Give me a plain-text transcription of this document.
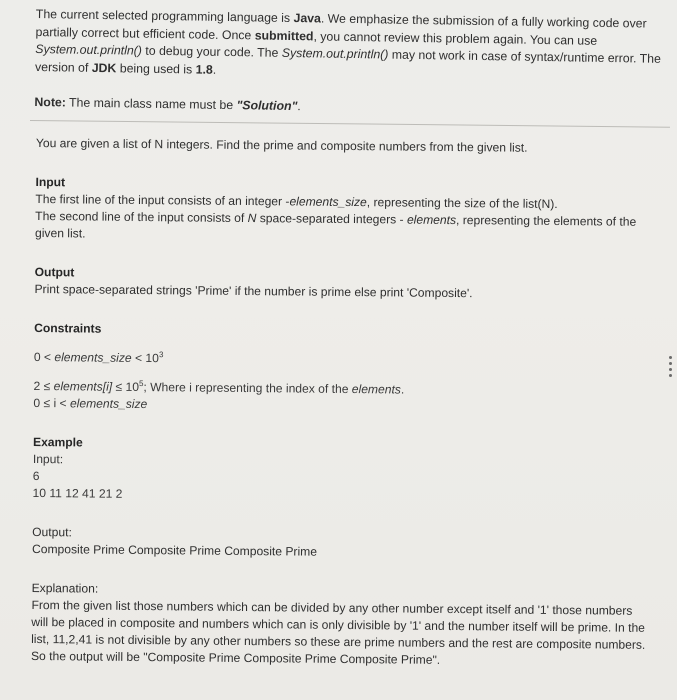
The current selected programming language is Java. We emphasize the submission of a fully working code over partially correct but efficient code. Once submitted, you cannot review this problem again. You can use System.out.println() to debug your code. The System.out.println() may not work in case of syntax/runtime error. The version of JDK being used is 1.8.

Note: The main class name must be "Solution".

You are given a list of N integers. Find the prime and composite numbers from the given list.

Input

The first line of the input consists of an integer -elements_size, representing the size of the list(N).

The second line of the input consists of N space-separated integers - elements, representing the elements of the given list.

Output

Print space-separated strings 'Prime' if the number is prime else print 'Composite'.

Constraints

0 < elements_size < $10^3$

2 ≤ elements[i] ≤ $10^5$; Where i representing the index of the elements.

0 ≤ i < elements_size

Example

Input:

6

10 11 12 41 21 2

Output:

Composite Prime Composite Prime Composite Prime

Explanation:

From the given list those numbers which can be divided by any other number except itself and '1' those numbers will be placed in composite and numbers which can is only divisible by '1' and the number itself will be prime. In the list, 11,2,41 is not divisible by any other numbers so these are prime numbers and the rest are composite numbers. So the output will be "Composite Prime Composite Prime Composite Prime".
